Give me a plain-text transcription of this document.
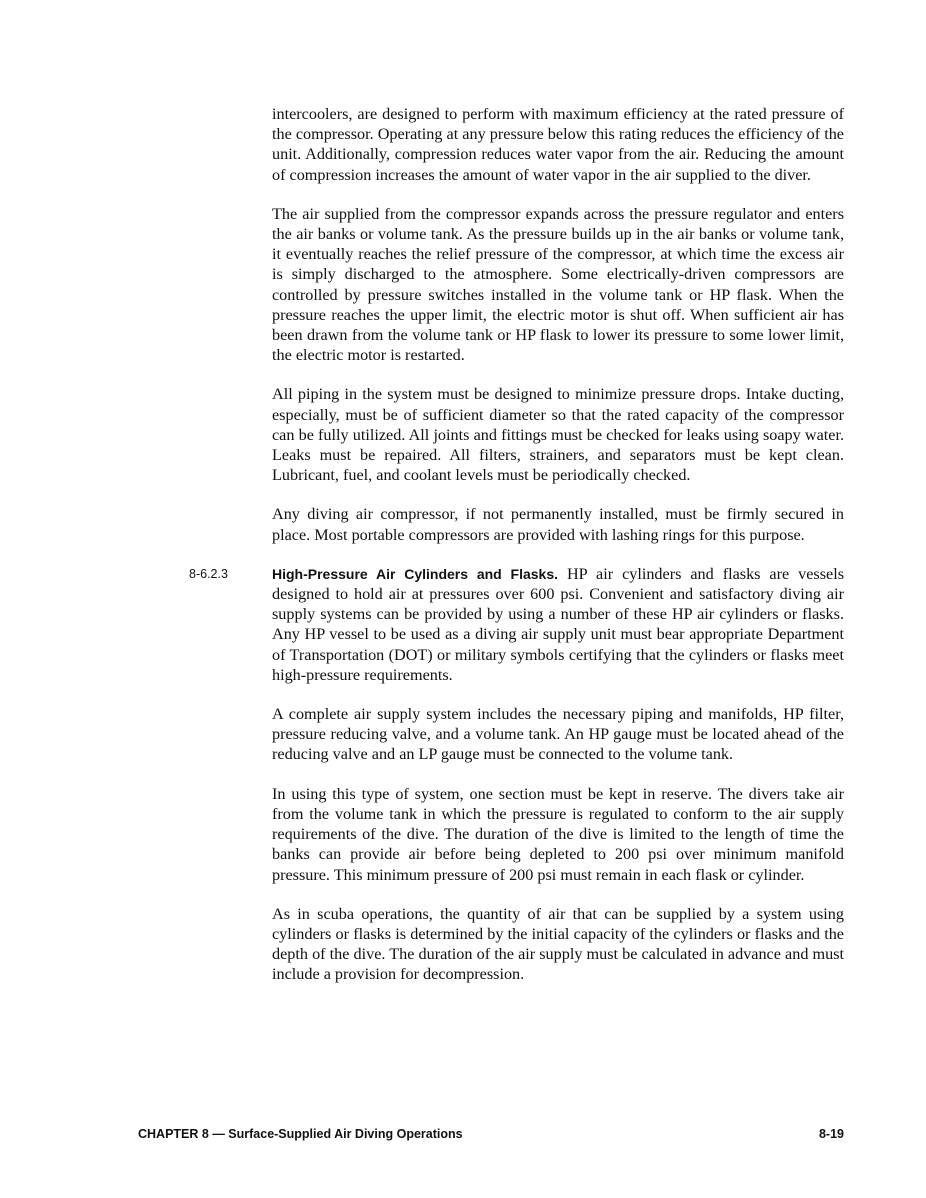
intercoolers, are designed to perform with maximum efficiency at the rated pressure of the compressor. Operating at any pressure below this rating reduces the efficiency of the unit. Additionally, compression reduces water vapor from the air. Reducing the amount of compression increases the amount of water vapor in the air supplied to the diver.

The air supplied from the compressor expands across the pressure regulator and enters the air banks or volume tank. As the pressure builds up in the air banks or volume tank, it eventually reaches the relief pressure of the compressor, at which time the excess air is simply discharged to the atmosphere. Some electrically-driven compressors are controlled by pressure switches installed in the volume tank or HP flask. When the pressure reaches the upper limit, the electric motor is shut off. When sufficient air has been drawn from the volume tank or HP flask to lower its pressure to some lower limit, the electric motor is restarted.

All piping in the system must be designed to minimize pressure drops. Intake ducting, especially, must be of sufficient diameter so that the rated capacity of the compressor can be fully utilized. All joints and fittings must be checked for leaks using soapy water. Leaks must be repaired. All filters, strainers, and separators must be kept clean. Lubricant, fuel, and coolant levels must be periodically checked.

Any diving air compressor, if not permanently installed, must be firmly secured in place. Most portable compressors are provided with lashing rings for this purpose.

8-6.2.3	High-Pressure Air Cylinders and Flasks. HP air cylinders and flasks are vessels designed to hold air at pressures over 600 psi. Convenient and satisfactory diving air supply systems can be provided by using a number of these HP air cylinders or flasks. Any HP vessel to be used as a diving air supply unit must bear appropriate Department of Transportation (DOT) or military symbols certifying that the cylinders or flasks meet high-pressure requirements.

A complete air supply system includes the necessary piping and manifolds, HP filter, pressure reducing valve, and a volume tank. An HP gauge must be located ahead of the reducing valve and an LP gauge must be connected to the volume tank.

In using this type of system, one section must be kept in reserve. The divers take air from the volume tank in which the pressure is regulated to conform to the air supply requirements of the dive. The duration of the dive is limited to the length of time the banks can provide air before being depleted to 200 psi over minimum manifold pressure. This minimum pressure of 200 psi must remain in each flask or cylinder.

As in scuba operations, the quantity of air that can be supplied by a system using cylinders or flasks is determined by the initial capacity of the cylinders or flasks and the depth of the dive. The duration of the air supply must be calculated in advance and must include a provision for decompression.

CHAPTER 8 — Surface-Supplied Air Diving Operations	8-19
